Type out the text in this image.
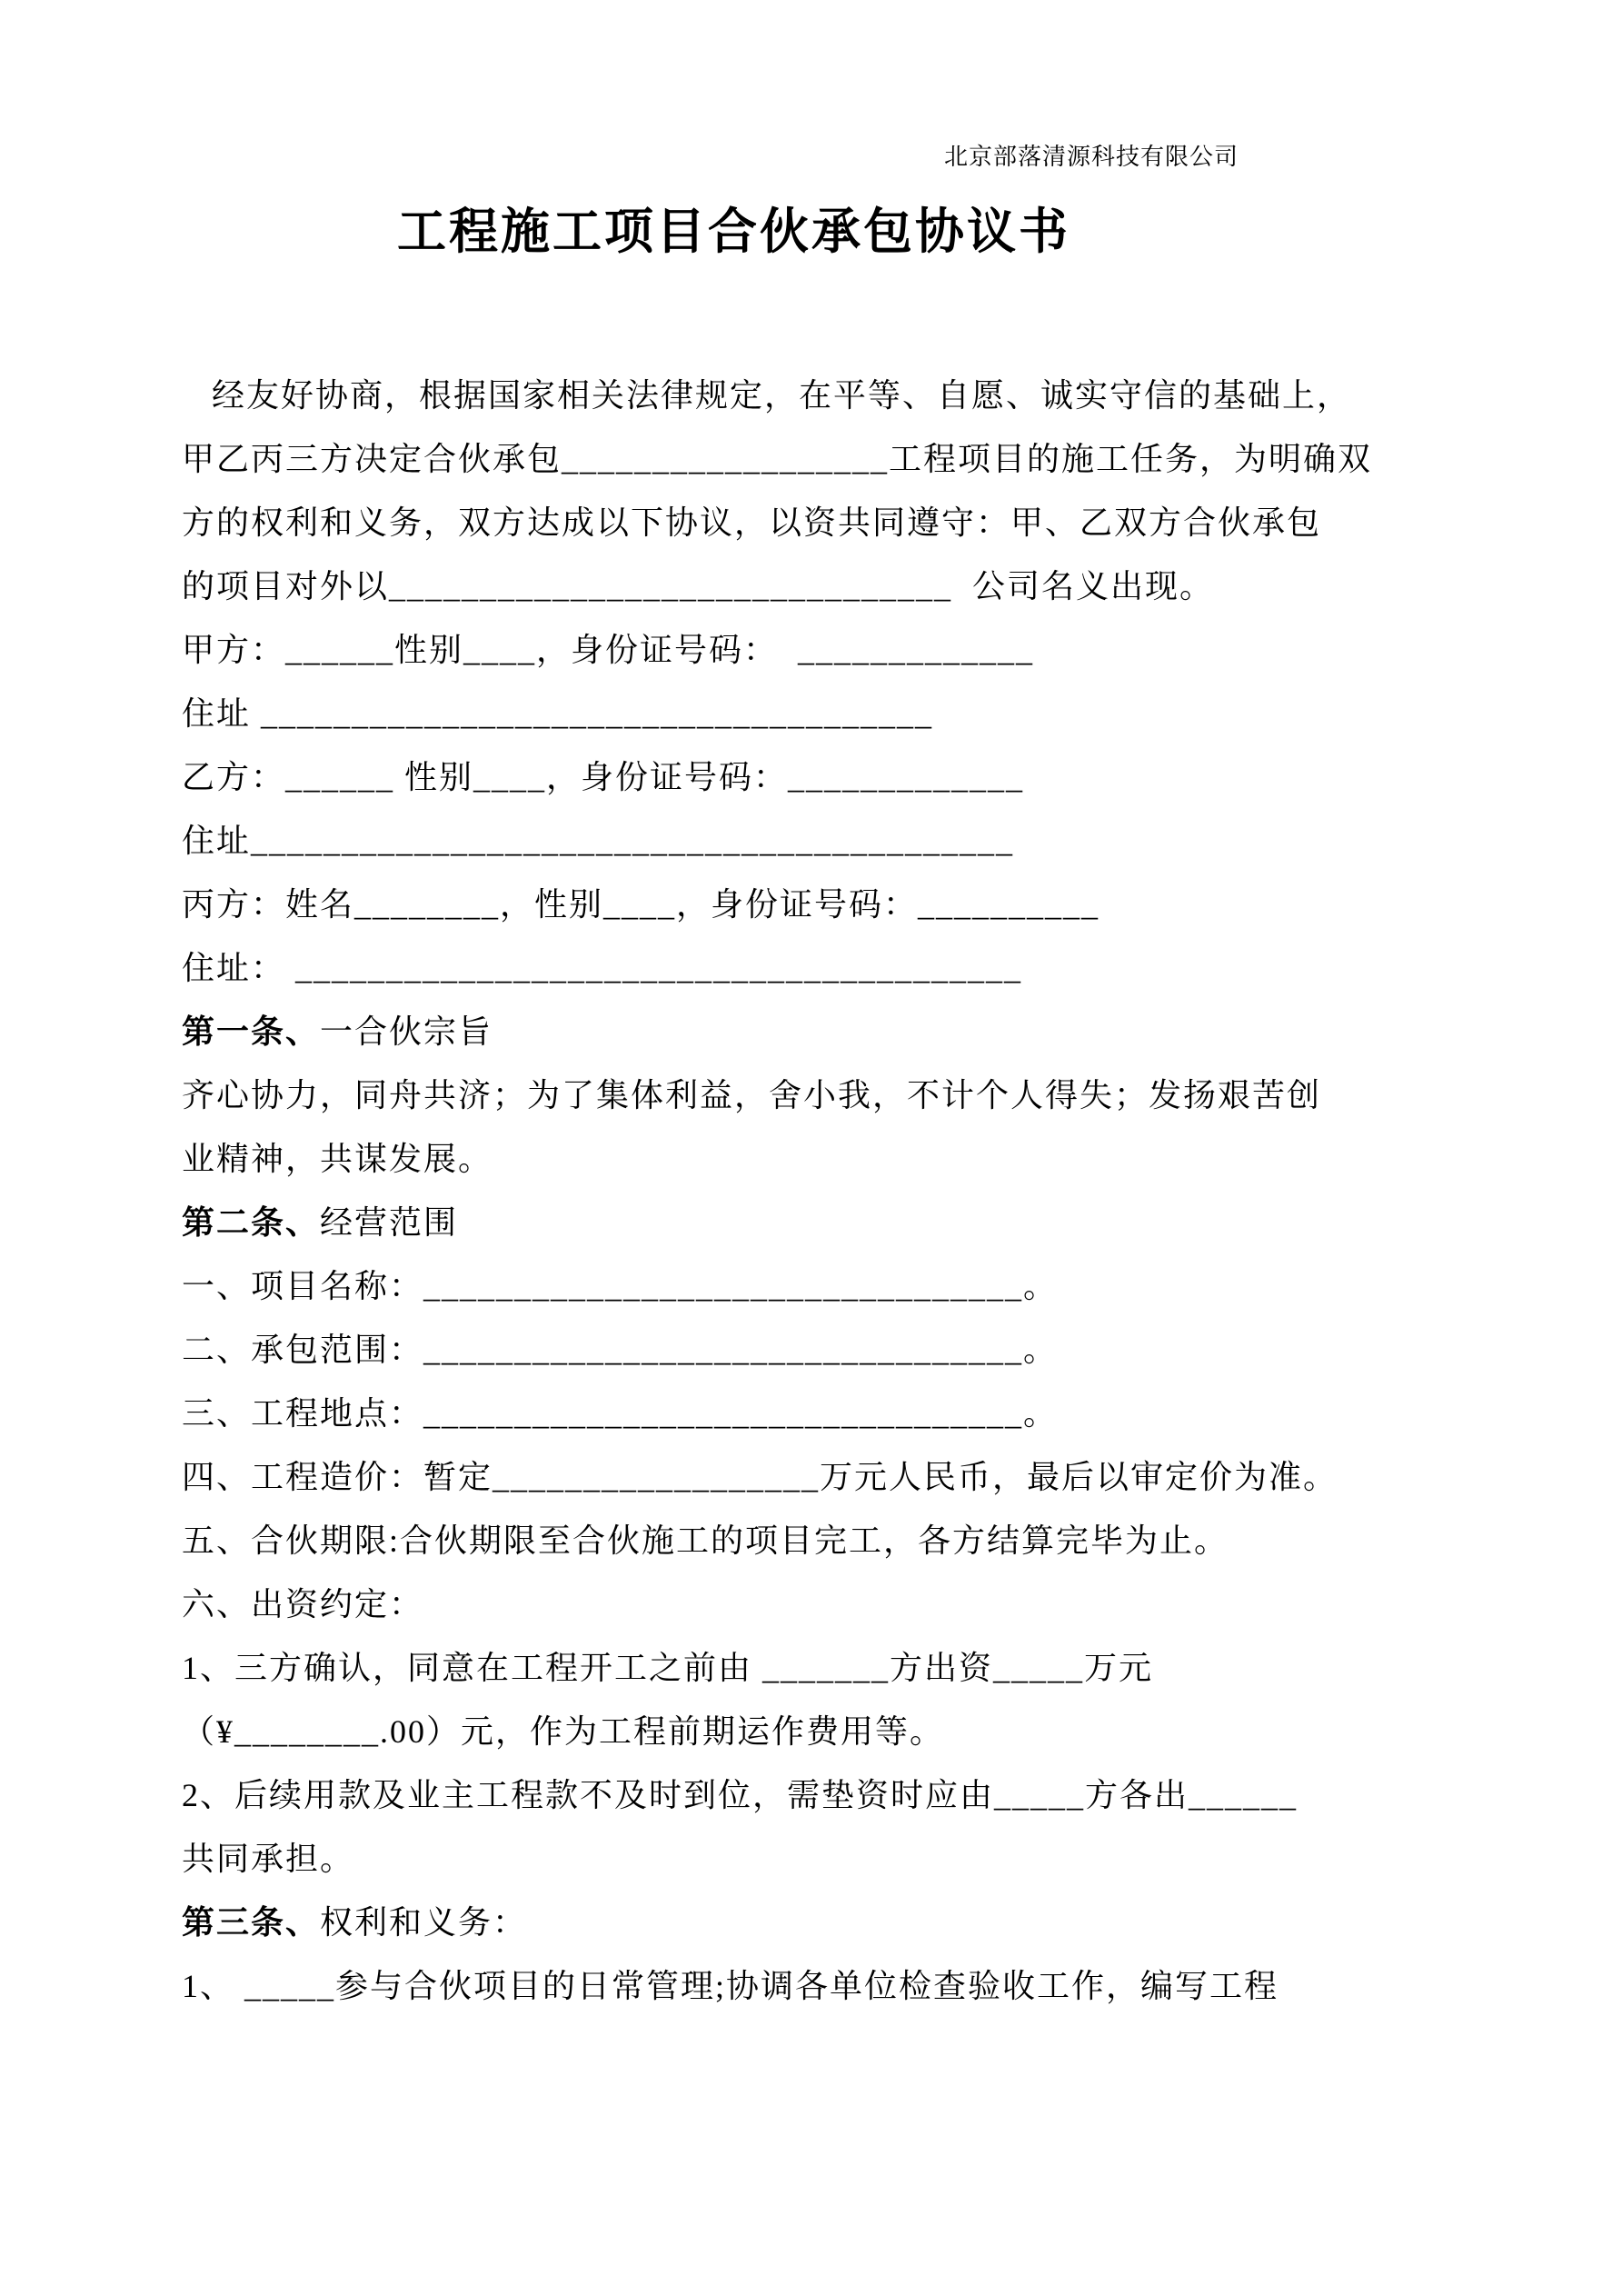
北京部落清源科技有限公司
工程施工项目合伙承包协议书

经友好协商，根据国家相关法律规定，在平等、自愿、诚实守信的基础上，

甲乙丙三方决定合伙承包__________________工程项目的施工任务，为明确双

方的权利和义务，双方达成以下协议，以资共同遵守：甲、乙双方合伙承包

的项目对外以_______________________________  公司名义出现。

甲方：______性别____，身份证号码：  _____________

住址 _____________________________________

乙方：______ 性别____，身份证号码：_____________

住址__________________________________________

丙方：姓名________，性别____，身份证号码：__________

住址： ________________________________________

第一条、一合伙宗旨

齐心协力，同舟共济；为了集体利益，舍小我，不计个人得失；发扬艰苦创

业精神，共谋发展。

第二条、经营范围

一、项目名称：_________________________________。

二、承包范围：_________________________________。

三、工程地点：_________________________________。

四、工程造价：暂定__________________万元人民币，最后以审定价为准。

五、合伙期限:合伙期限至合伙施工的项目完工，各方结算完毕为止。

六、出资约定：

1、三方确认，同意在工程开工之前由 _______方出资_____万元

（¥________.00）元，作为工程前期运作费用等。

2、后续用款及业主工程款不及时到位，需垫资时应由_____方各出______

共同承担。

第三条、权利和义务：

1、 _____参与合伙项目的日常管理;协调各单位检查验收工作，编写工程
